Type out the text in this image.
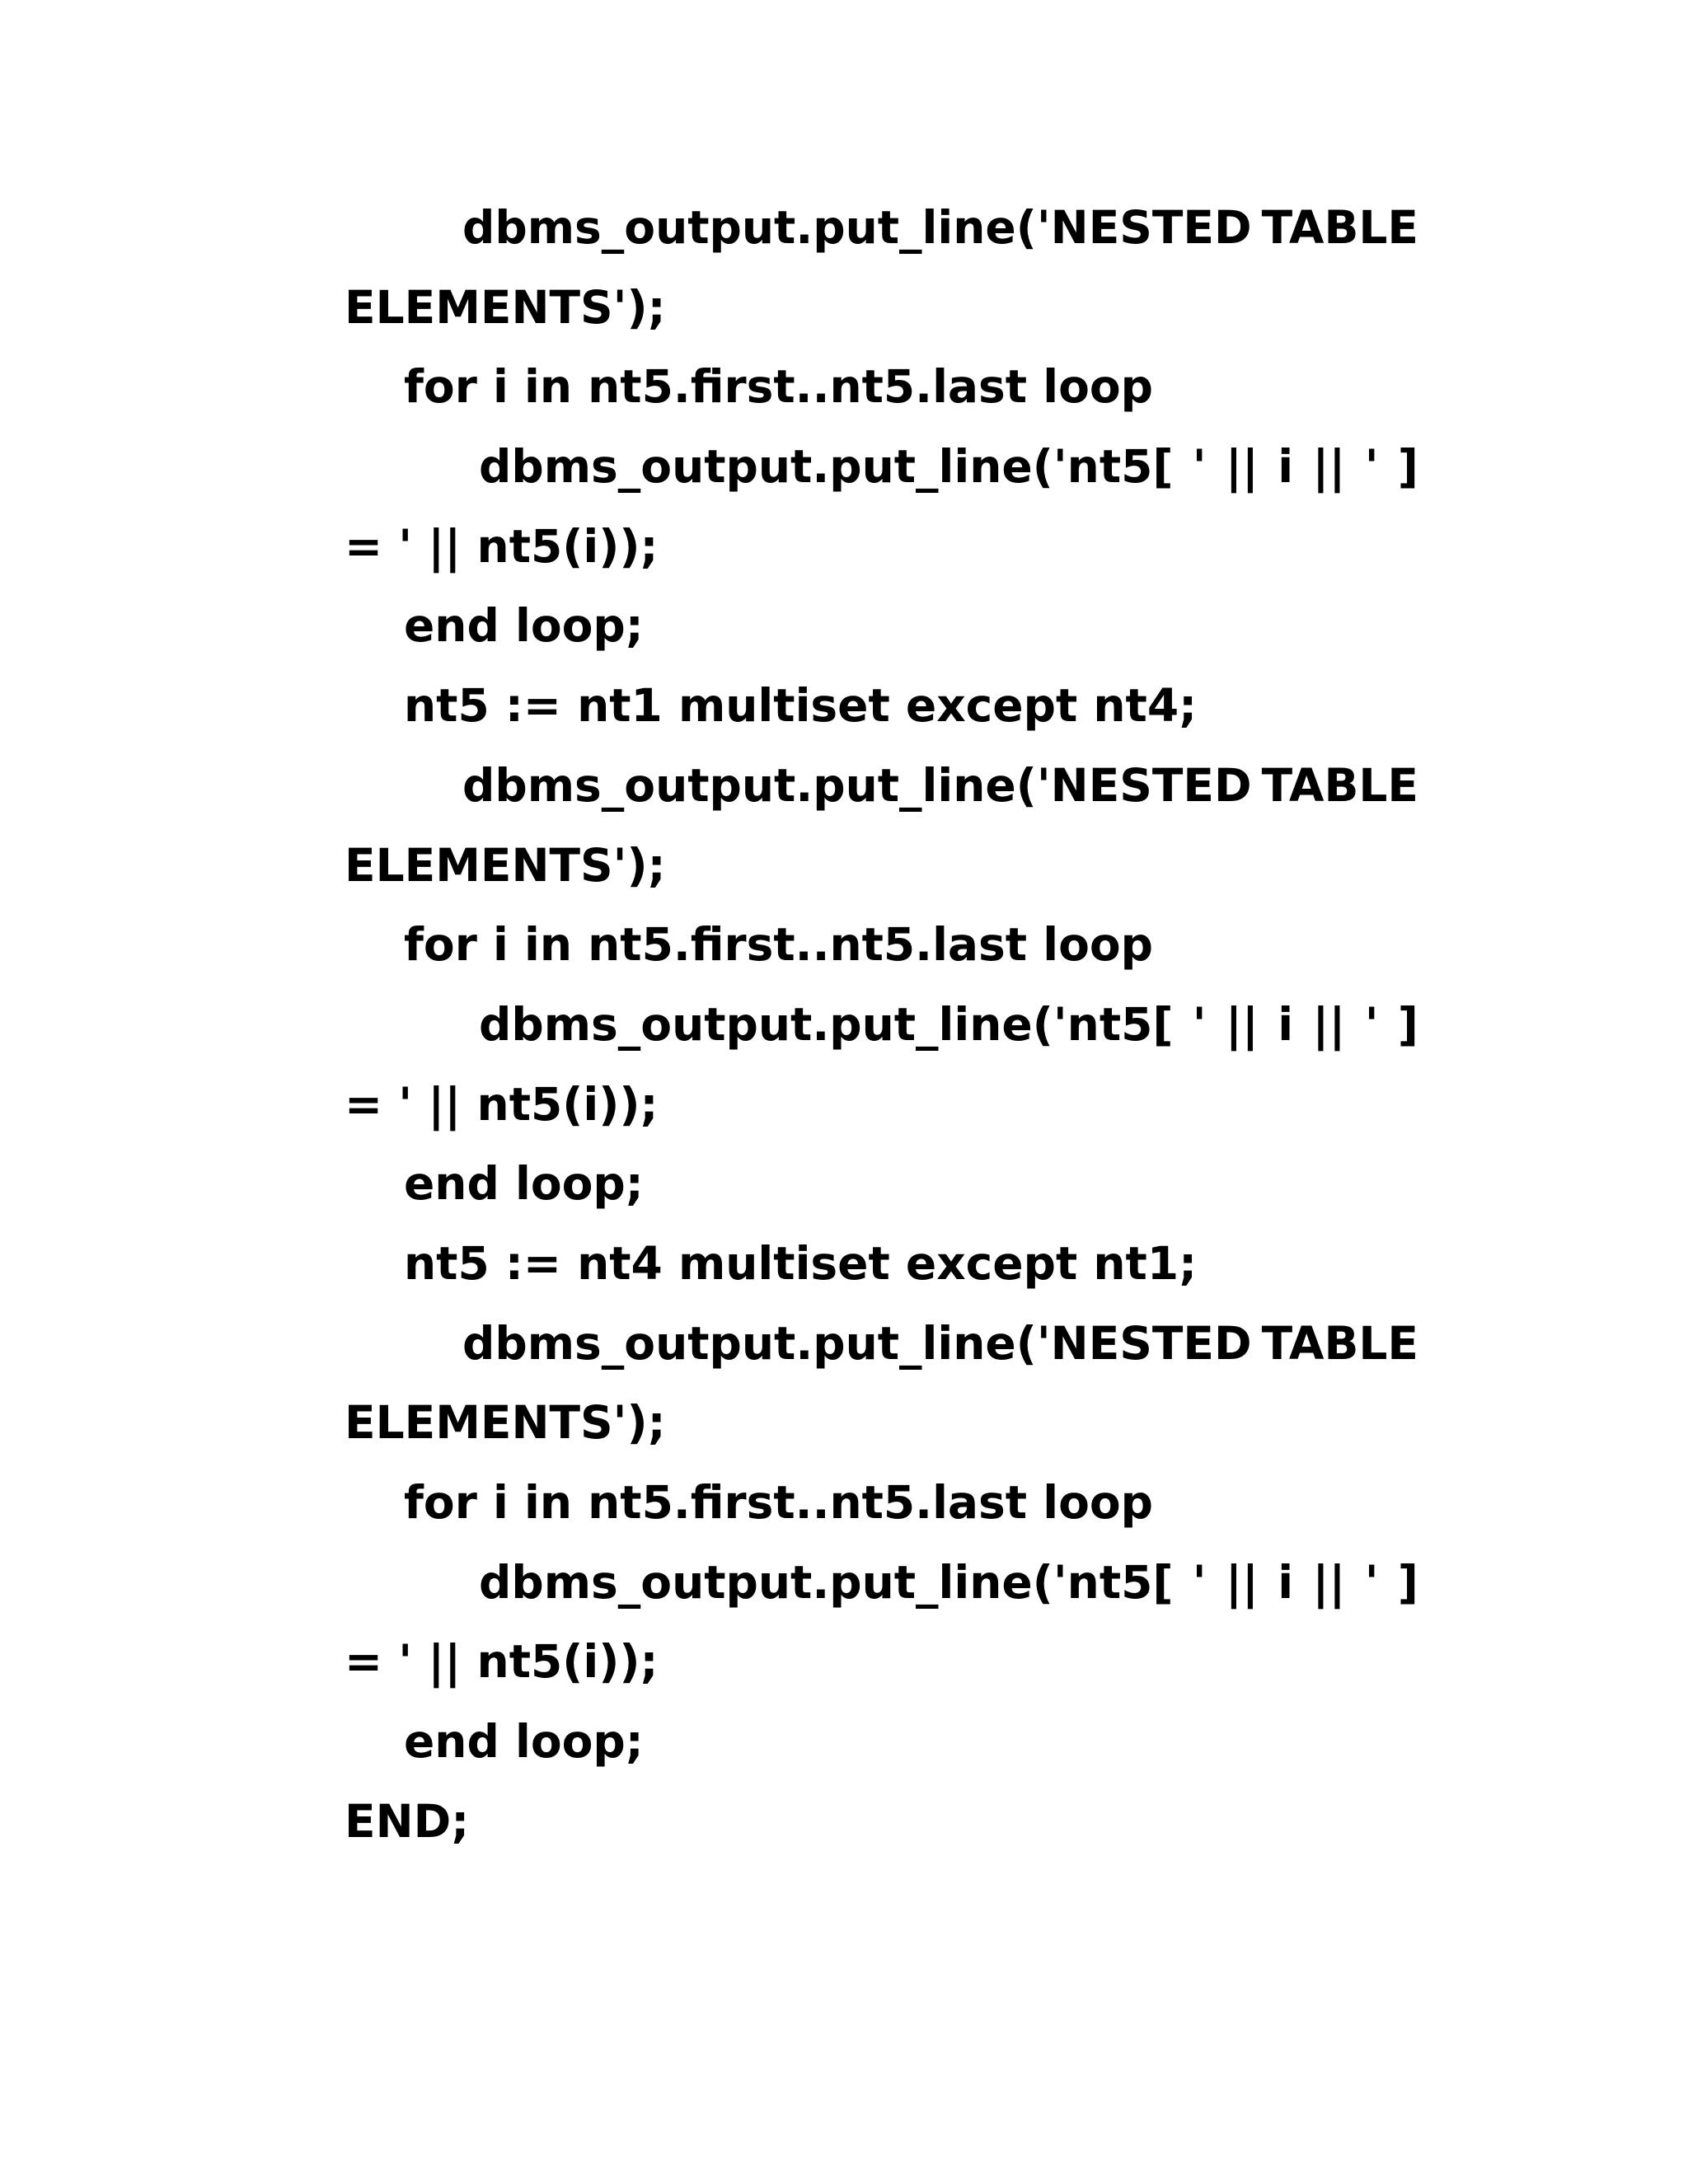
dbms_output.put_line('NESTED TABLE
ELEMENTS');
for i in nt5.first..nt5.last loop
dbms_output.put_line('nt5[ ' || i || ' ]
= ' || nt5(i));
end loop;
nt5 := nt1 multiset except nt4;
dbms_output.put_line('NESTED TABLE
ELEMENTS');
for i in nt5.first..nt5.last loop
dbms_output.put_line('nt5[ ' || i || ' ]
= ' || nt5(i));
end loop;
nt5 := nt4 multiset except nt1;
dbms_output.put_line('NESTED TABLE
ELEMENTS');
for i in nt5.first..nt5.last loop
dbms_output.put_line('nt5[ ' || i || ' ]
= ' || nt5(i));
end loop;
END;
